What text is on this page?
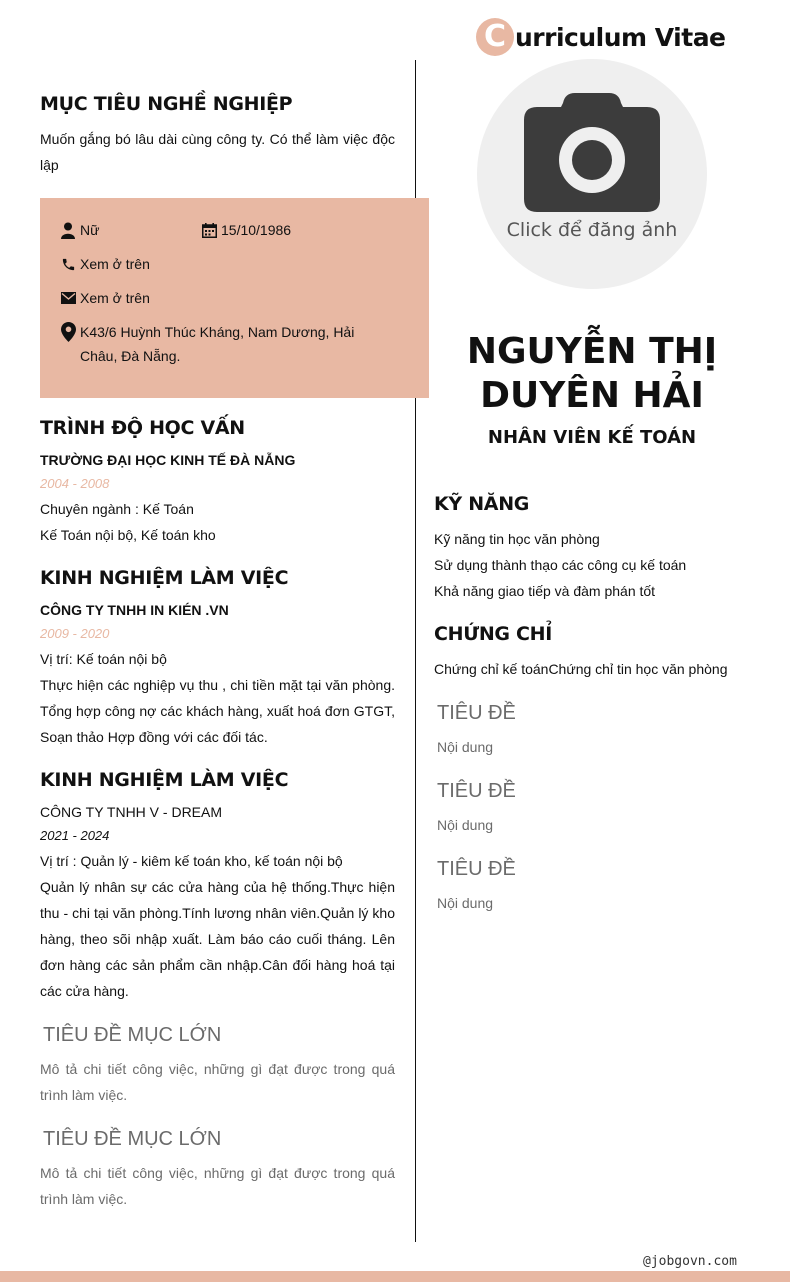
C urriculum Vitae
MỤC TIÊU NGHỀ NGHIỆP
Muốn gắng bó lâu dài cùng công ty. Có thể làm việc độc lập
Nữ	15/10/1986
Xem ở trên
Xem ở trên
K43/6 Huỳnh Thúc Kháng, Nam Dương, Hải Châu, Đà Nẵng.
TRÌNH ĐỘ HỌC VẤN
TRƯỜNG ĐẠI HỌC KINH TẾ ĐÀ NẴNG
2004 - 2008
Chuyên ngành : Kế Toán
Kế Toán nội bộ, Kế toán kho
KINH NGHIỆM LÀM VIỆC
CÔNG TY TNHH IN KIÉN .VN
2009 - 2020
Vị trí: Kế toán nội bộ
Thực hiện các nghiệp vụ thu , chi tiền mặt tại văn phòng. Tổng hợp công nợ các khách hàng, xuất hoá đơn GTGT, Soạn thảo Hợp đồng với các đối tác.
KINH NGHIỆM LÀM VIỆC
CÔNG TY TNHH V - DREAM
2021 - 2024
Vị trí : Quản lý - kiêm kế toán kho, kế toán nội bộ
Quản lý nhân sự các cửa hàng của hệ thống.Thực hiện thu - chi tại văn phòng.Tính lương nhân viên.Quản lý kho hàng, theo sõi nhập xuất. Làm báo cáo cuối tháng. Lên đơn hàng các sản phẩm cần nhập.Cân đối hàng hoá tại các cửa hàng.
TIÊU ĐỀ MỤC LỚN
Mô tả chi tiết công việc, những gì đạt được trong quá trình làm việc.
TIÊU ĐỀ MỤC LỚN
Mô tả chi tiết công việc, những gì đạt được trong quá trình làm việc.
Click để đăng ảnh
NGUYỄN THỊ DUYÊN HẢI
NHÂN VIÊN KẾ TOÁN
KỸ NĂNG
Kỹ năng tin học văn phòng
Sử dụng thành thạo các công cụ kế toán
Khả năng giao tiếp và đàm phán tốt
CHỨNG CHỈ
Chứng chỉ kế toánChứng chỉ tin học văn phòng
TIÊU ĐỀ
Nội dung
TIÊU ĐỀ
Nội dung
TIÊU ĐỀ
Nội dung
@jobgovn.com
